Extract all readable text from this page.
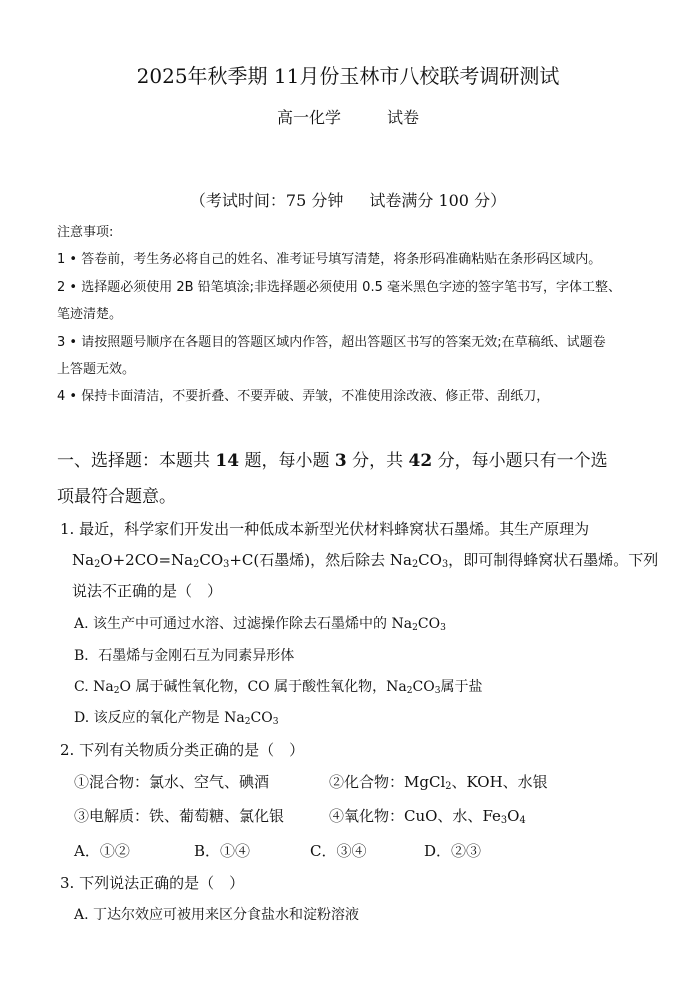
2025年秋季期 11月份玉林市八校联考调研测试
高一化学	试卷
（考试时间：75 分钟 试卷满分 100 分）
注意事项:
1 • 答卷前，考生务必将自己的姓名、准考证号填写清楚，将条形码准确粘贴在条形码区域内。
2 • 选择题必须使用 2B 铅笔填涂;非选择题必须使用 0.5 毫米黑色字迹的签字笔书写，字体工整、
笔迹清楚。
3 • 请按照题号顺序在各题目的答题区域内作答，超出答题区书写的答案无效;在草稿纸、试题卷
上答题无效。
4 • 保持卡面清洁，不要折叠、不要弄破、弄皱，不准使用涂改液、修正带、刮纸刀，
一、选择题：本题共 14 题，每小题 3 分，共 42 分，每小题只有一个选
项最符合题意。
1. 最近，科学家们开发出一种低成本新型光伏材料蜂窝状石墨烯。其生产原理为
$Na_2O+2CO=Na_2CO_3+C$(石墨烯)，然后除去 $Na_2CO_3$，即可制得蜂窝状石墨烯。下列
说法不正确的是（　）
A. 该生产中可通过水溶、过滤操作除去石墨烯中的 $Na_2CO_3$
B．石墨烯与金刚石互为同素异形体
C. $Na_2O$ 属于碱性氧化物，CO 属于酸性氧化物，$Na_2CO_3$属于盐
D. 该反应的氧化产物是 $Na_2CO_3$
2. 下列有关物质分类正确的是（　）
①混合物：氯水、空气、碘酒	②化合物：MgCl$_2$、KOH、水银
③电解质：铁、葡萄糖、氯化银	④氧化物：CuO、水、$Fe_3O_4$
A．①②	B．①④	C．③④	D．②③
3. 下列说法正确的是（　）
A. 丁达尔效应可被用来区分食盐水和淀粉溶液
